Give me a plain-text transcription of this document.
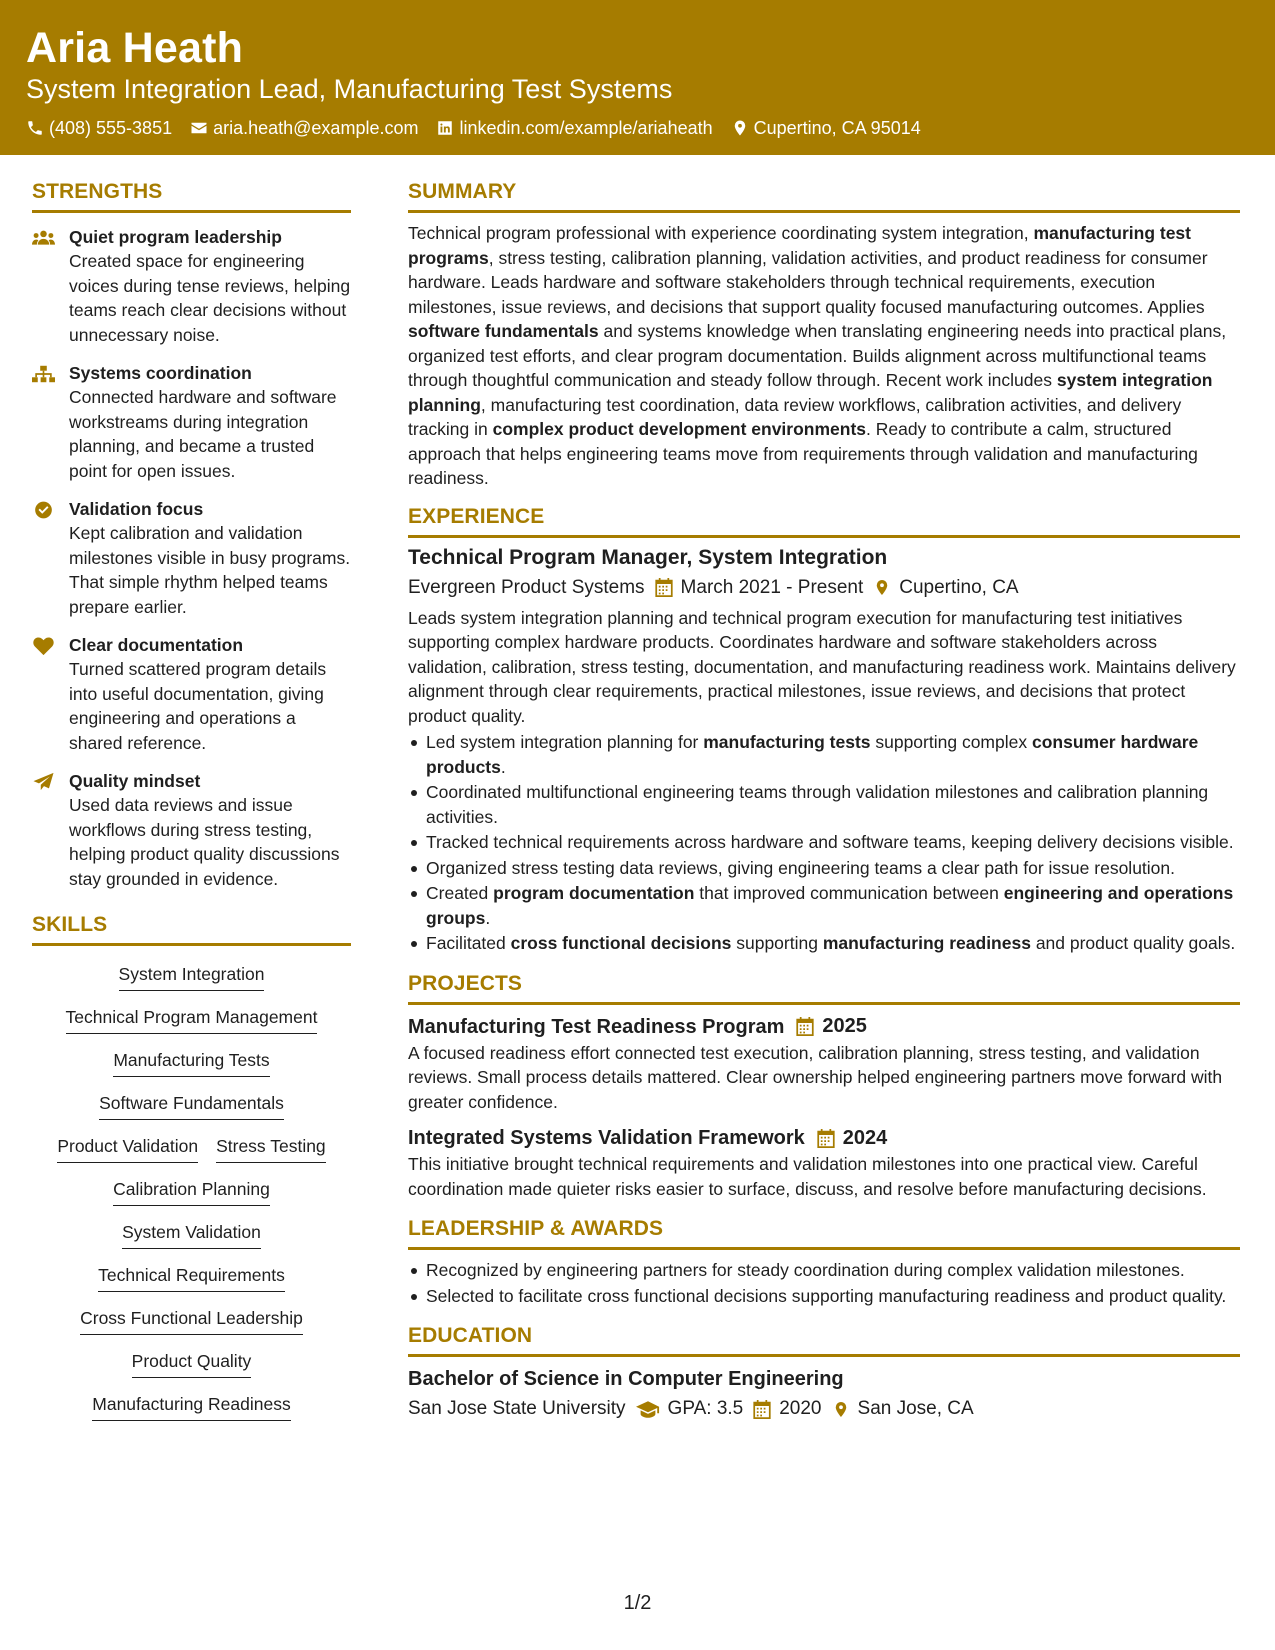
Aria Heath
System Integration Lead, Manufacturing Test Systems
(408) 555-3851 aria.heath@example.com linkedin.com/example/ariaheath Cupertino, CA 95014
STRENGTHS
Quiet program leadership
Created space for engineering voices during tense reviews, helping teams reach clear decisions without unnecessary noise.
Systems coordination
Connected hardware and software workstreams during integration planning, and became a trusted point for open issues.
Validation focus
Kept calibration and validation milestones visible in busy programs. That simple rhythm helped teams prepare earlier.
Clear documentation
Turned scattered program details into useful documentation, giving engineering and operations a shared reference.
Quality mindset
Used data reviews and issue workflows during stress testing, helping product quality discussions stay grounded in evidence.
SKILLS
System Integration
Technical Program Management
Manufacturing Tests
Software Fundamentals
Product Validation Stress Testing
Calibration Planning
System Validation
Technical Requirements
Cross Functional Leadership
Product Quality
Manufacturing Readiness
SUMMARY

Technical program professional with experience coordinating system integration, manufacturing test programs, stress testing, calibration planning, validation activities, and product readiness for consumer hardware. Leads hardware and software stakeholders through technical requirements, execution milestones, issue reviews, and decisions that support quality focused manufacturing outcomes. Applies software fundamentals and systems knowledge when translating engineering needs into practical plans, organized test efforts, and clear program documentation. Builds alignment across multifunctional teams through thoughtful communication and steady follow through. Recent work includes system integration planning, manufacturing test coordination, data review workflows, calibration activities, and delivery tracking in complex product development environments. Ready to contribute a calm, structured approach that helps engineering teams move from requirements through validation and manufacturing readiness.

EXPERIENCE
Technical Program Manager, System Integration
Evergreen Product Systems March 2021 - Present Cupertino, CA

Leads system integration planning and technical program execution for manufacturing test initiatives supporting complex hardware products. Coordinates hardware and software stakeholders across validation, calibration, stress testing, documentation, and manufacturing readiness work. Maintains delivery alignment through clear requirements, practical milestones, issue reviews, and decisions that protect product quality.

Led system integration planning for manufacturing tests supporting complex consumer hardware products.
Coordinated multifunctional engineering teams through validation milestones and calibration planning activities.
Tracked technical requirements across hardware and software teams, keeping delivery decisions visible.
Organized stress testing data reviews, giving engineering teams a clear path for issue resolution.
Created program documentation that improved communication between engineering and operations groups.
Facilitated cross functional decisions supporting manufacturing readiness and product quality goals.
PROJECTS
Manufacturing Test Readiness Program 2025

A focused readiness effort connected test execution, calibration planning, stress testing, and validation reviews. Small process details mattered. Clear ownership helped engineering partners move forward with greater confidence.

Integrated Systems Validation Framework 2024

This initiative brought technical requirements and validation milestones into one practical view. Careful coordination made quieter risks easier to surface, discuss, and resolve before manufacturing decisions.

LEADERSHIP & AWARDS
Recognized by engineering partners for steady coordination during complex validation milestones.
Selected to facilitate cross functional decisions supporting manufacturing readiness and product quality.
EDUCATION
Bachelor of Science in Computer Engineering
San Jose State University GPA: 3.5 2020 San Jose, CA
1/2
